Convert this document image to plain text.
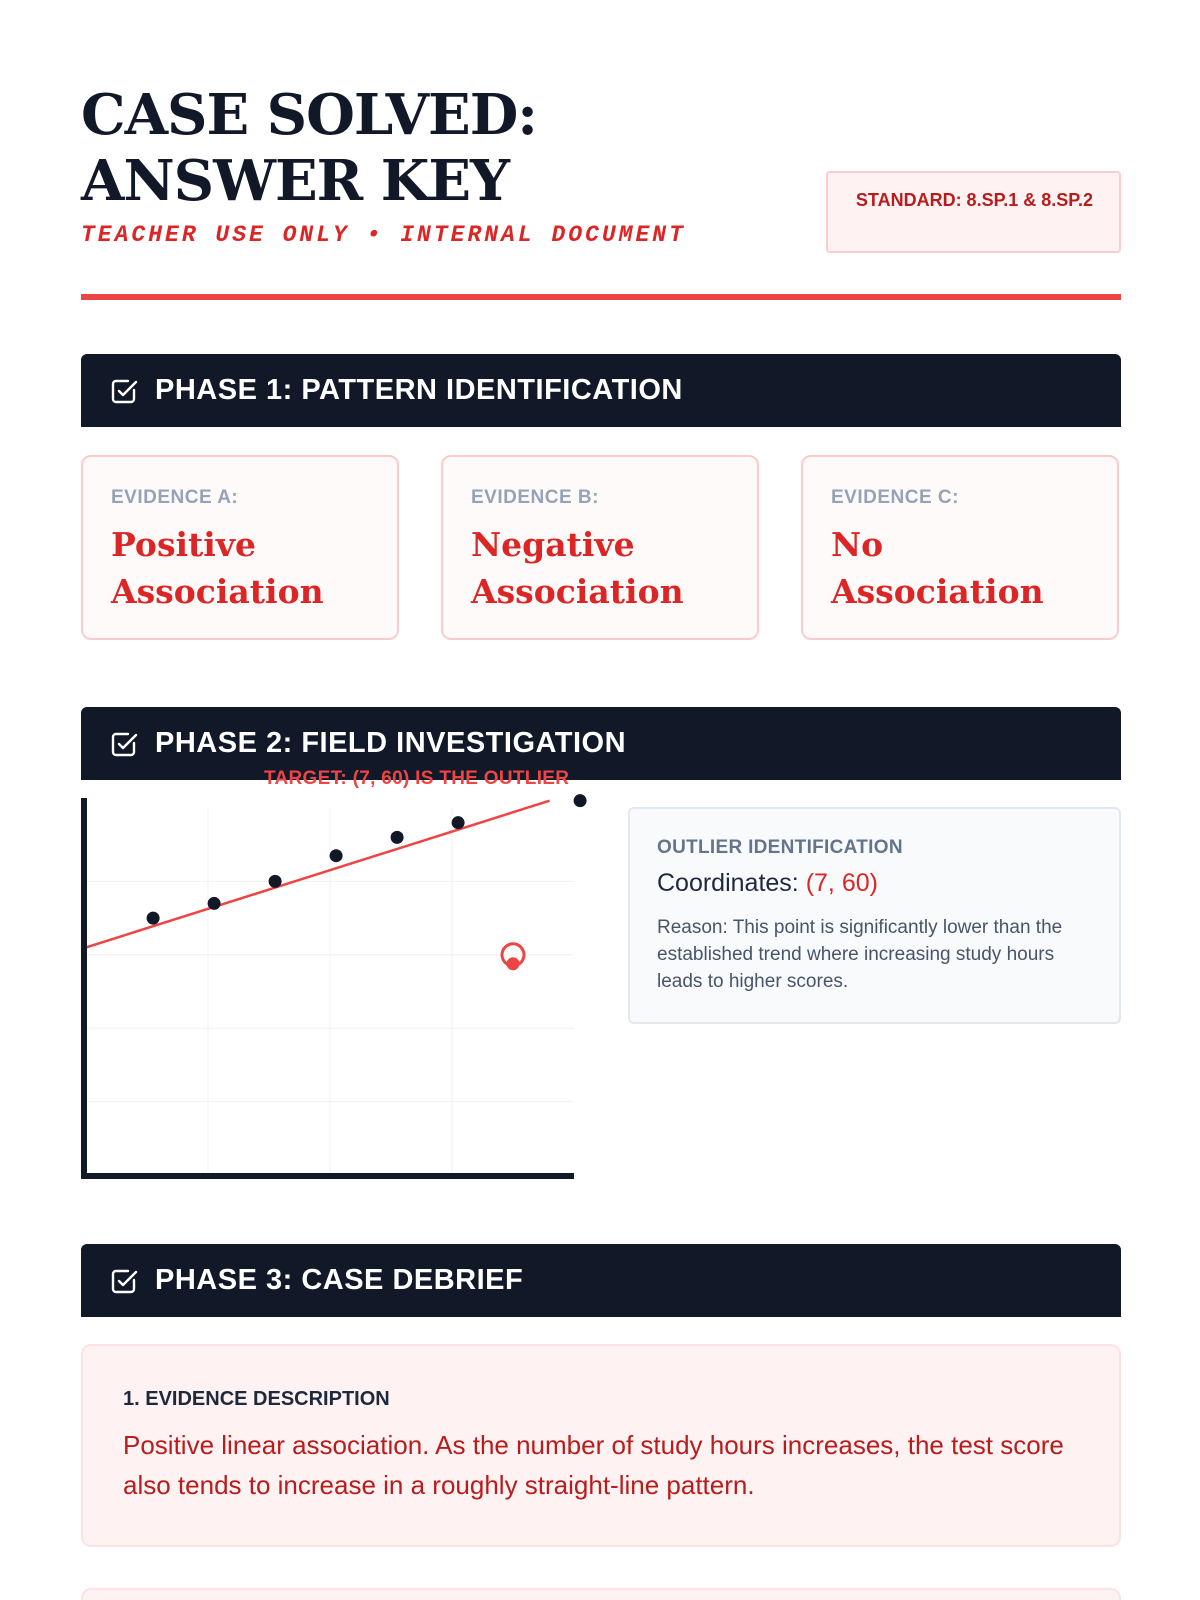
CASE SOLVED: ANSWER KEY
TEACHER USE ONLY • INTERNAL DOCUMENT
STANDARD: 8.SP.1 & 8.SP.2
PHASE 1: PATTERN IDENTIFICATION
EVIDENCE A:
Positive Association
EVIDENCE B:
Negative Association
EVIDENCE C:
No Association
PHASE 2: FIELD INVESTIGATION
TARGET: (7, 60) IS THE OUTLIER
OUTLIER IDENTIFICATION
Coordinates: (7, 60)
Reason: This point is significantly lower than the established trend where increasing study hours leads to higher scores.
PHASE 3: CASE DEBRIEF
1. EVIDENCE DESCRIPTION
Positive linear association. As the number of study hours increases, the test score also tends to increase in a roughly straight-line pattern.
